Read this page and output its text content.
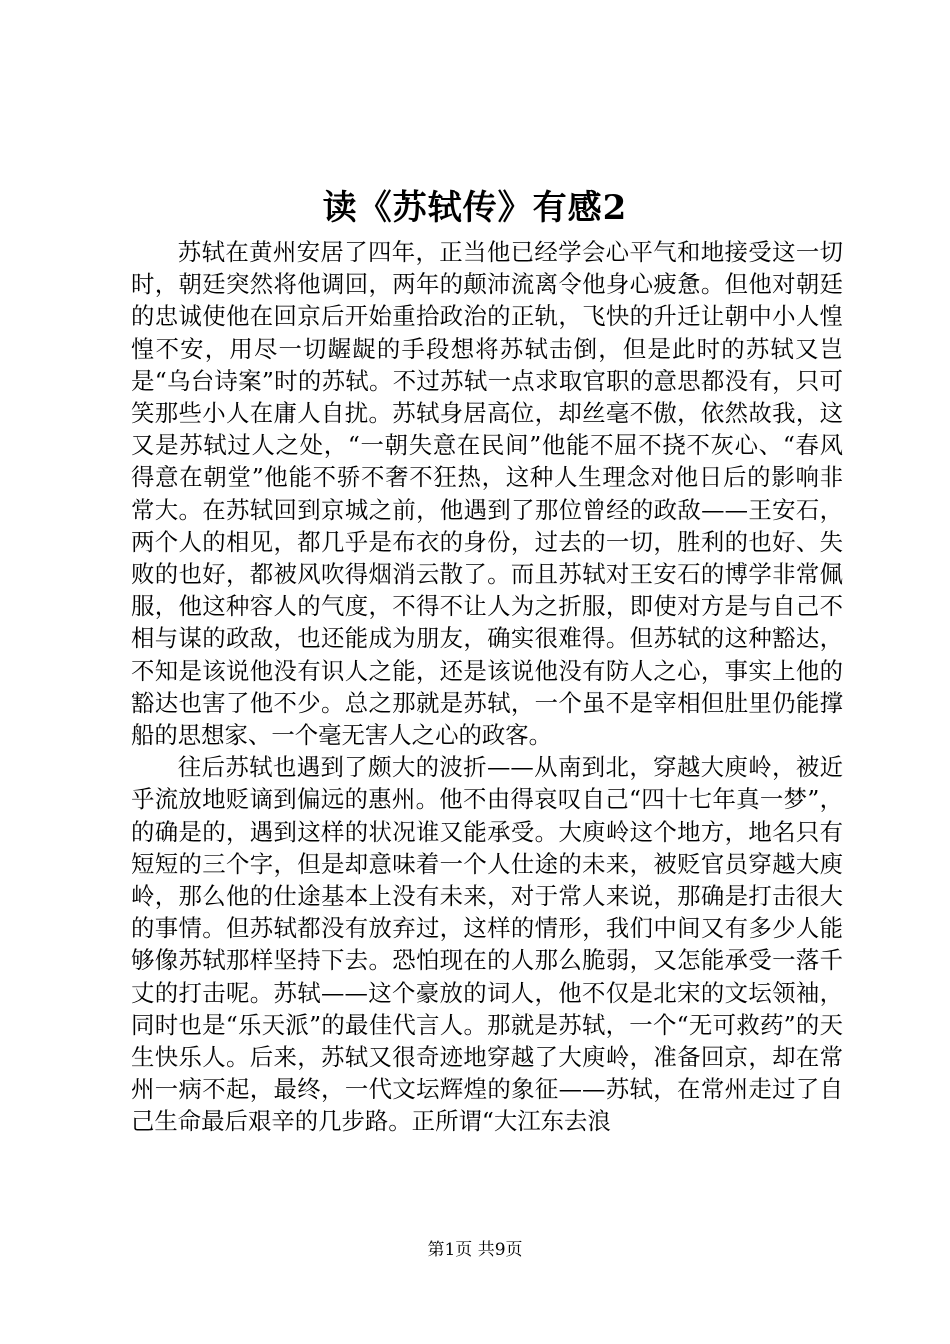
读《苏轼传》有感2

苏轼在黄州安居了四年，正当他已经学会心平气和地接受这一切时，朝廷突然将他调回，两年的颠沛流离令他身心疲惫。但他对朝廷的忠诚使他在回京后开始重拾政治的正轨，飞快的升迁让朝中小人惶惶不安，用尽一切龌龊的手段想将苏轼击倒，但是此时的苏轼又岂是“乌台诗案”时的苏轼。不过苏轼一点求取官职的意思都没有，只可笑那些小人在庸人自扰。苏轼身居高位，却丝毫不傲，依然故我，这又是苏轼过人之处，“一朝失意在民间”他能不屈不挠不灰心、“春风得意在朝堂”他能不骄不奢不狂热，这种人生理念对他日后的影响非常大。在苏轼回到京城之前，他遇到了那位曾经的政敌——王安石，两个人的相见，都几乎是布衣的身份，过去的一切，胜利的也好、失败的也好，都被风吹得烟消云散了。而且苏轼对王安石的博学非常佩服，他这种容人的气度，不得不让人为之折服，即使对方是与自己不相与谋的政敌，也还能成为朋友，确实很难得。但苏轼的这种豁达，不知是该说他没有识人之能，还是该说他没有防人之心，事实上他的豁达也害了他不少。总之那就是苏轼，一个虽不是宰相但肚里仍能撑船的思想家、一个毫无害人之心的政客。

往后苏轼也遇到了颇大的波折——从南到北，穿越大庾岭，被近乎流放地贬谪到偏远的惠州。他不由得哀叹自己“四十七年真一梦”，的确是的，遇到这样的状况谁又能承受。大庾岭这个地方，地名只有短短的三个字，但是却意味着一个人仕途的未来，被贬官员穿越大庾岭，那么他的仕途基本上没有未来，对于常人来说，那确是打击很大的事情。但苏轼都没有放弃过，这样的情形，我们中间又有多少人能够像苏轼那样坚持下去。恐怕现在的人那么脆弱，又怎能承受一落千丈的打击呢。苏轼——这个豪放的词人，他不仅是北宋的文坛领袖，同时也是“乐天派”的最佳代言人。那就是苏轼，一个“无可救药”的天生快乐人。后来，苏轼又很奇迹地穿越了大庾岭，准备回京，却在常州一病不起，最终，一代文坛辉煌的象征——苏轼，在常州走过了自己生命最后艰辛的几步路。正所谓“大江东去浪

第1页 共9页
